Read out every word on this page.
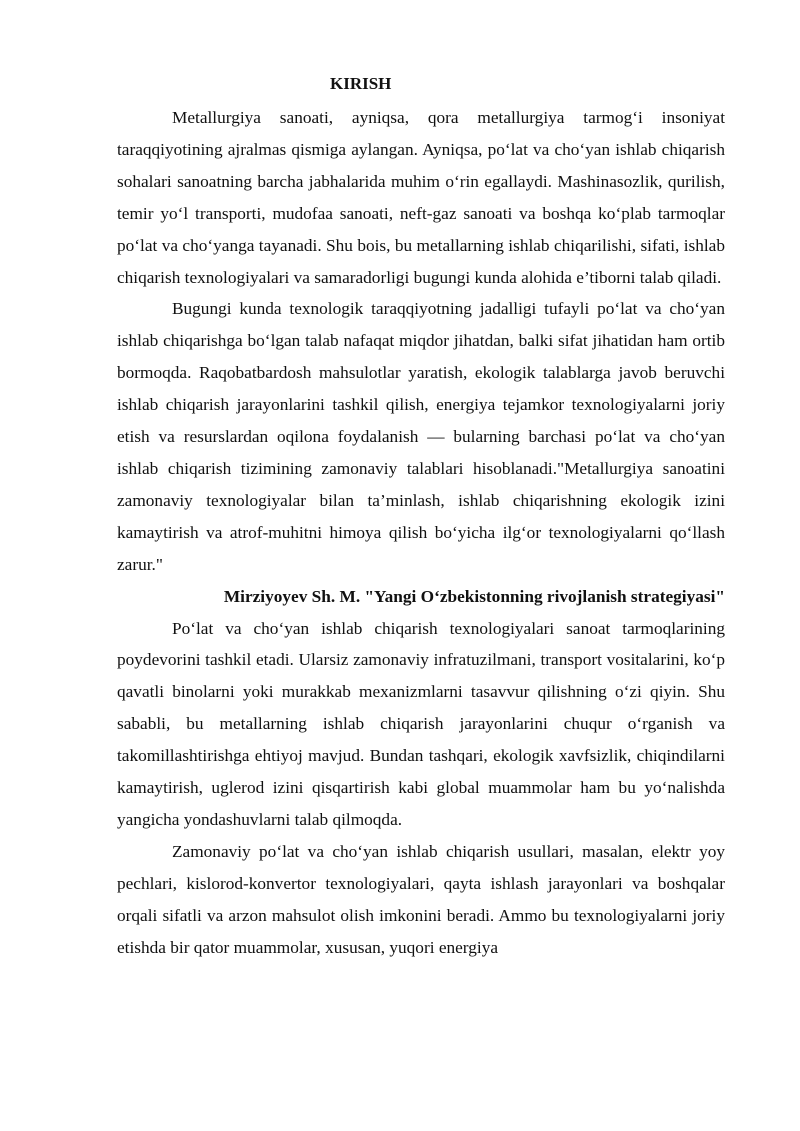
KIRISH

Metallurgiya sanoati, ayniqsa, qora metallurgiya tarmog‘i insoniyat taraqqiyotining ajralmas qismiga aylangan. Ayniqsa, po‘lat va cho‘yan ishlab chiqarish sohalari sanoatning barcha jabhalarida muhim o‘rin egallaydi. Mashinasozlik, qurilish, temir yo‘l transporti, mudofaa sanoati, neft-gaz sanoati va boshqa ko‘plab tarmoqlar po‘lat va cho‘yanga tayanadi. Shu bois, bu metallarning ishlab chiqarilishi, sifati, ishlab chiqarish texnologiyalari va samaradorligi bugungi kunda alohida e’tiborni talab qiladi.

Bugungi kunda texnologik taraqqiyotning jadalligi tufayli po‘lat va cho‘yan ishlab chiqarishga bo‘lgan talab nafaqat miqdor jihatdan, balki sifat jihatidan ham ortib bormoqda. Raqobatbardosh mahsulotlar yaratish, ekologik talablarga javob beruvchi ishlab chiqarish jarayonlarini tashkil qilish, energiya tejamkor texnologiyalarni joriy etish va resurslardan oqilona foydalanish — bularning barchasi po‘lat va cho‘yan ishlab chiqarish tizimining zamonaviy talablari hisoblanadi."Metallurgiya sanoatini zamonaviy texnologiyalar bilan ta’minlash, ishlab chiqarishning ekologik izini kamaytirish va atrof-muhitni himoya qilish bo‘yicha ilg‘or texnologiyalarni qo‘llash zarur."

Mirziyoyev Sh. M. "Yangi O‘zbekistonning rivojlanish strategiyasi"

Po‘lat va cho‘yan ishlab chiqarish texnologiyalari sanoat tarmoqlarining poydevorini tashkil etadi. Ularsiz zamonaviy infratuzilmani, transport vositalarini, ko‘p qavatli binolarni yoki murakkab mexanizmlarni tasavvur qilishning o‘zi qiyin. Shu sababli, bu metallarning ishlab chiqarish jarayonlarini chuqur o‘rganish va takomillashtirishga ehtiyoj mavjud. Bundan tashqari, ekologik xavfsizlik, chiqindilarni kamaytirish, uglerod izini qisqartirish kabi global muammolar ham bu yo‘nalishda yangicha yondashuvlarni talab qilmoqda.

Zamonaviy po‘lat va cho‘yan ishlab chiqarish usullari, masalan, elektr yoy pechlari, kislorod-konvertor texnologiyalari, qayta ishlash jarayonlari va boshqalar orqali sifatli va arzon mahsulot olish imkonini beradi. Ammo bu texnologiyalarni joriy etishda bir qator muammolar, xususan, yuqori energiya
